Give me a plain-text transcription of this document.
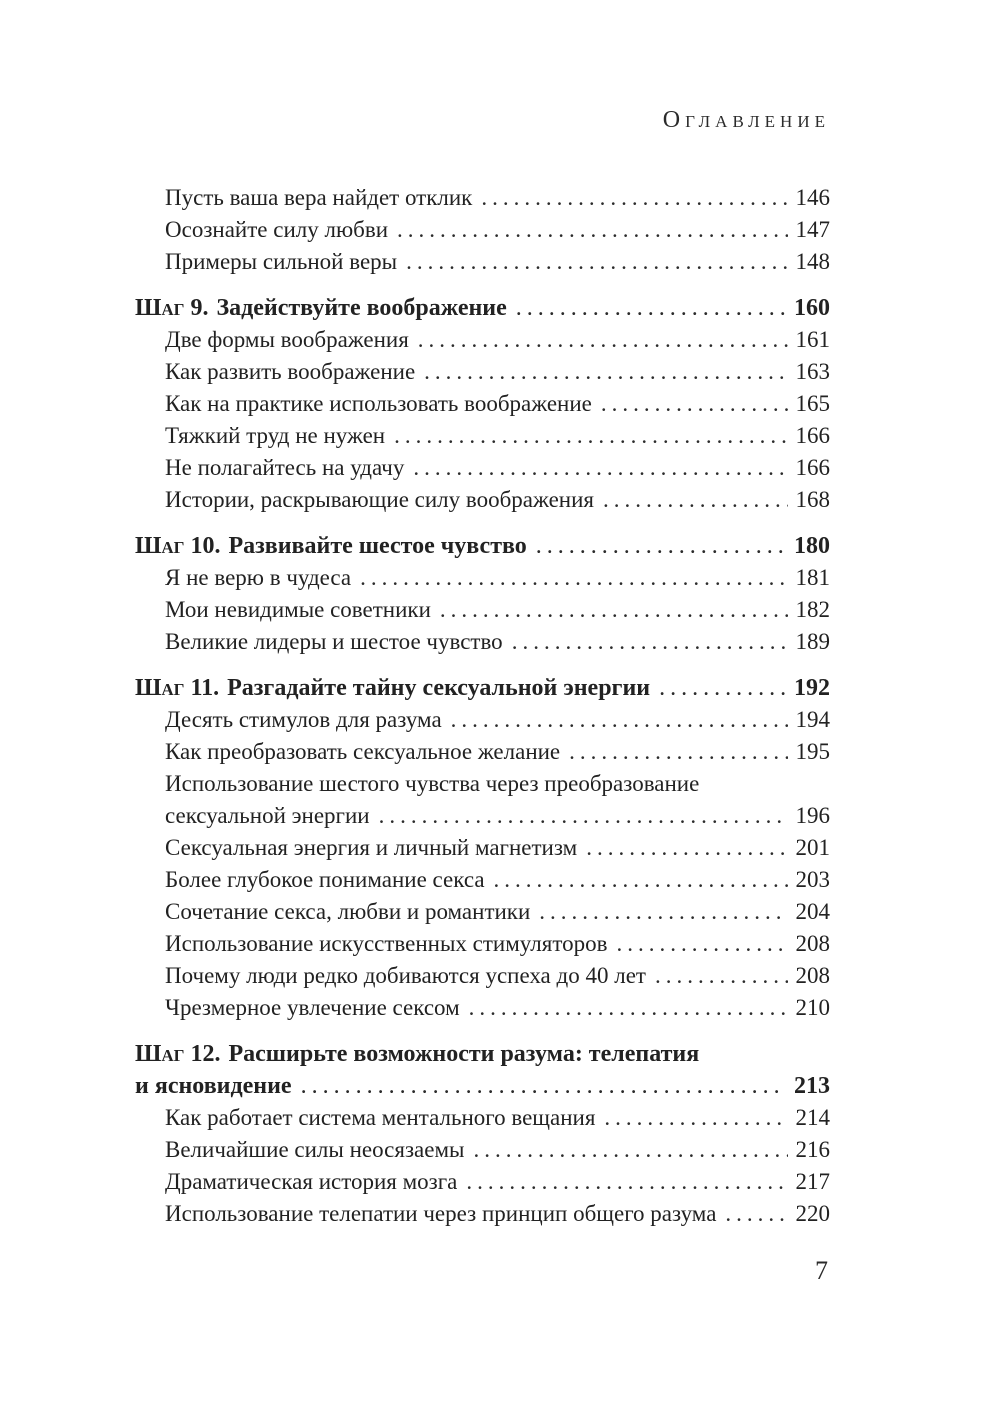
Оглавление
Пусть ваша вера найдет отклик .....	146
Осознайте силу любви .....	147
Примеры сильной веры .....	148
Шаг 9. Задействуйте воображение .....	160
Две формы воображения .....	161
Как развить воображение .....	163
Как на практике использовать воображение .....	165
Тяжкий труд не нужен .....	166
Не полагайтесь на удачу .....	166
Истории, раскрывающие силу воображения .....	168
Шаг 10. Развивайте шестое чувство .....	180
Я не верю в чудеса .....	181
Мои невидимые советники .....	182
Великие лидеры и шестое чувство .....	189
Шаг 11. Разгадайте тайну сексуальной энергии .....	192
Десять стимулов для разума .....	194
Как преобразовать сексуальное желание .....	195
Использование шестого чувства через преобразование
сексуальной энергии .....	196
Сексуальная энергия и личный магнетизм .....	201
Более глубокое понимание секса .....	203
Сочетание секса, любви и романтики .....	204
Использование искусственных стимуляторов .....	208
Почему люди редко добиваются успеха до 40 лет .....	208
Чрезмерное увлечение сексом .....	210
Шаг 12. Расширьте возможности разума: телепатия
и ясновидение .....	213
Как работает система ментального вещания .....	214
Величайшие силы неосязаемы .....	216
Драматическая история мозга .....	217
Использование телепатии через принцип общего разума .....	220
7
